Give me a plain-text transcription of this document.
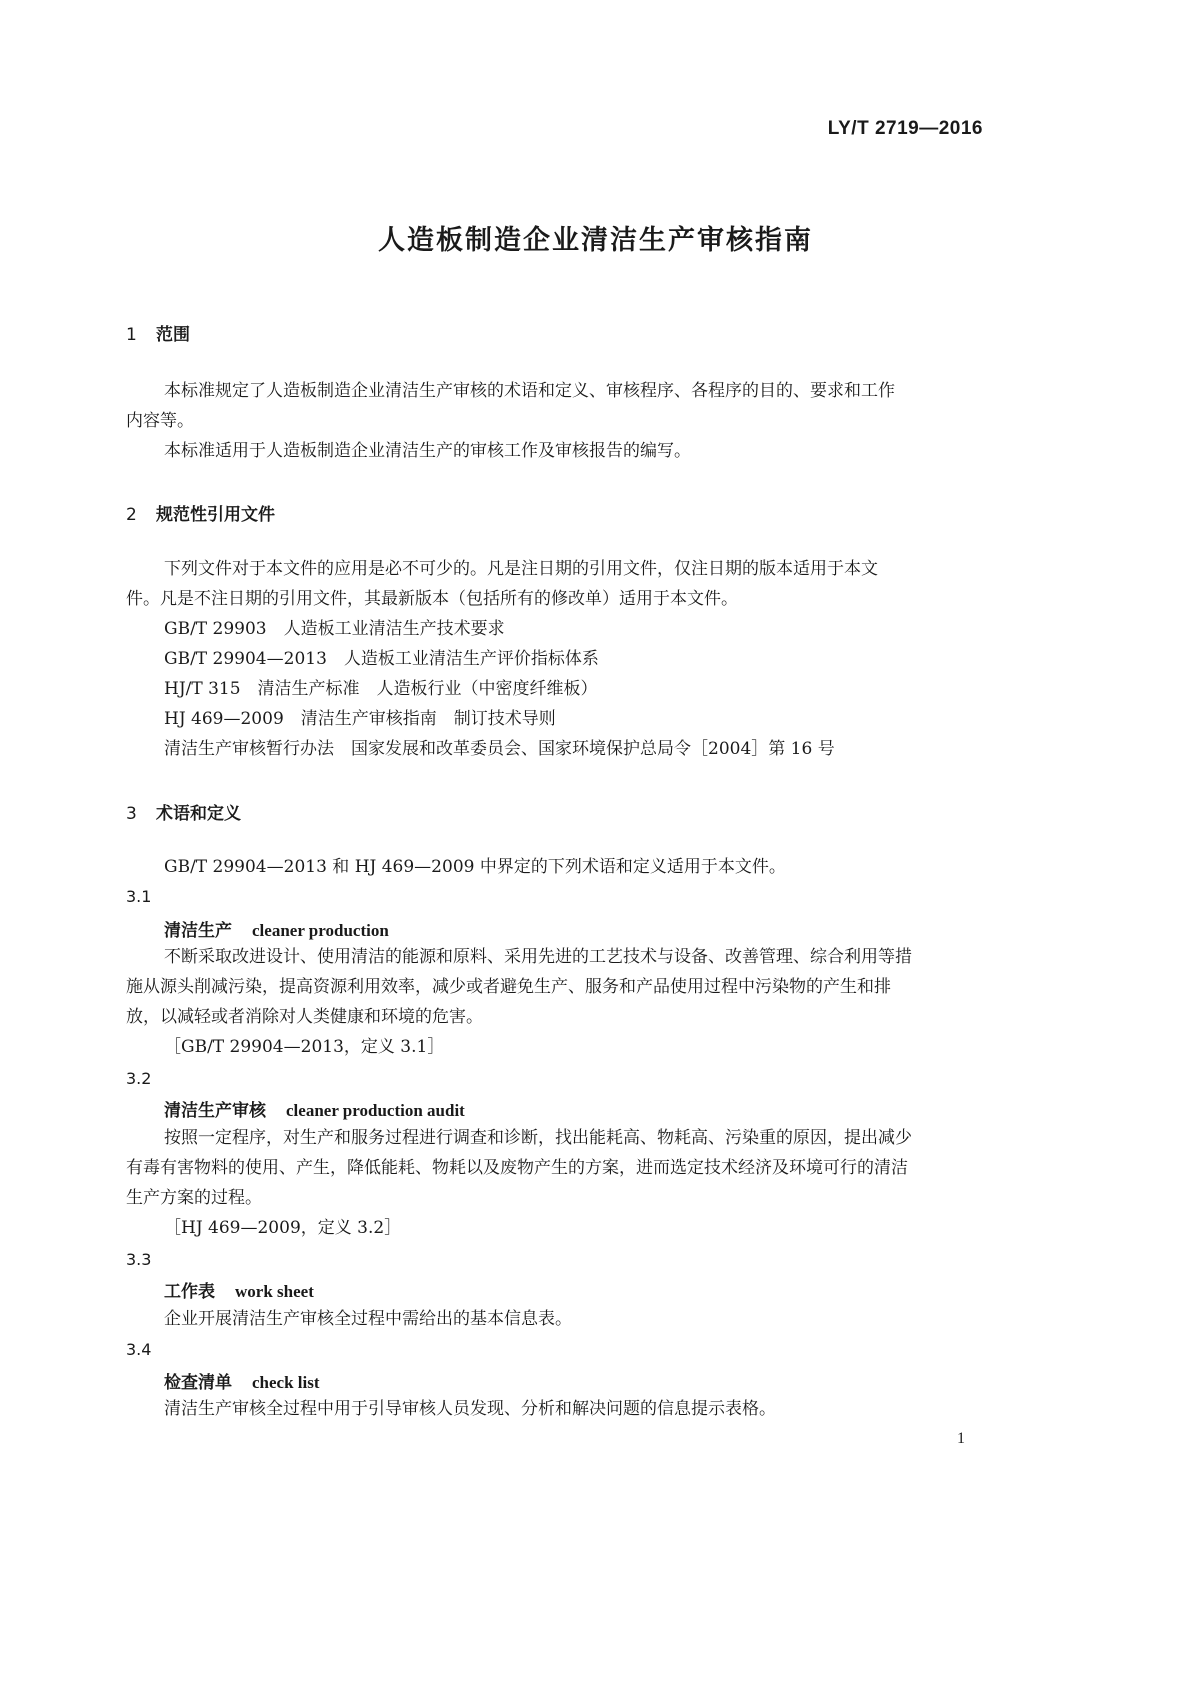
LY/T 2719—2016
人造板制造企业清洁生产审核指南
1 范围
本标准规定了人造板制造企业清洁生产审核的术语和定义、审核程序、各程序的目的、要求和工作
内容等。
本标准适用于人造板制造企业清洁生产的审核工作及审核报告的编写。
2 规范性引用文件
下列文件对于本文件的应用是必不可少的。凡是注日期的引用文件，仅注日期的版本适用于本文
件。凡是不注日期的引用文件，其最新版本（包括所有的修改单）适用于本文件。
GB/T 29903　人造板工业清洁生产技术要求
GB/T 29904—2013　人造板工业清洁生产评价指标体系
HJ/T 315　清洁生产标准　人造板行业（中密度纤维板）
HJ 469—2009　清洁生产审核指南　制订技术导则
清洁生产审核暂行办法　国家发展和改革委员会、国家环境保护总局令［2004］第 16 号
3 术语和定义
GB/T 29904—2013 和 HJ 469—2009 中界定的下列术语和定义适用于本文件。
3.1
清洁生产 cleaner production
不断采取改进设计、使用清洁的能源和原料、采用先进的工艺技术与设备、改善管理、综合利用等措
施从源头削减污染，提高资源利用效率，减少或者避免生产、服务和产品使用过程中污染物的产生和排
放，以减轻或者消除对人类健康和环境的危害。
［GB/T 29904—2013，定义 3.1］
3.2
清洁生产审核 cleaner production audit
按照一定程序，对生产和服务过程进行调查和诊断，找出能耗高、物耗高、污染重的原因，提出减少
有毒有害物料的使用、产生，降低能耗、物耗以及废物产生的方案，进而选定技术经济及环境可行的清洁
生产方案的过程。
［HJ 469—2009，定义 3.2］
3.3
工作表 work sheet
企业开展清洁生产审核全过程中需给出的基本信息表。
3.4
检查清单 check list
清洁生产审核全过程中用于引导审核人员发现、分析和解决问题的信息提示表格。
1
